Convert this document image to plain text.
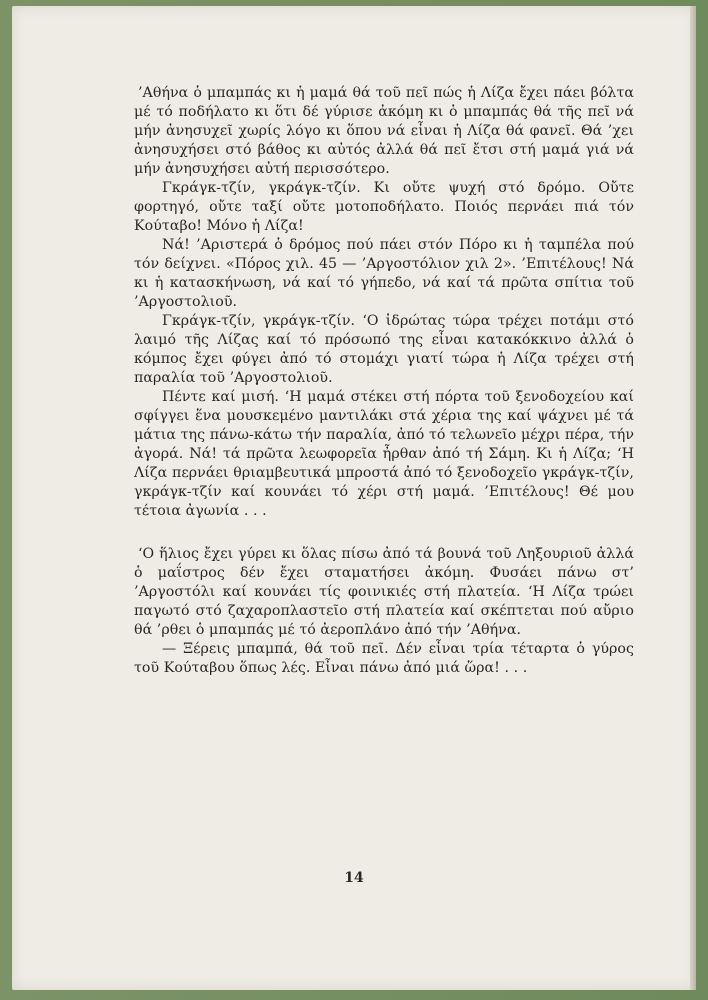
’Αθήνα ὁ μπαμπάς κι ἡ μαμά θά τοῦ πεῖ πώς ἡ Λίζα ἔχει πάει βόλτα μέ τό ποδήλατο κι ὅτι δέ γύρισε ἀκόμη κι ὁ μπαμπάς θά τῆς πεῖ νά μήν ἀνησυχεῖ χωρίς λόγο κι ὅπου νά εἶναι ἡ Λίζα θά φανεῖ. Θά ’χει ἀνησυχήσει στό βάθος κι αὐτός ἀλλά θά πεῖ ἔτσι στή μαμά γιά νά μήν ἀνησυχήσει αὐτή περισσότερο.

Γκράγκ-τζίν, γκράγκ-τζίν. Κι οὔτε ψυχή στό δρόμο. Οὔτε φορτηγό, οὔτε ταξί οὔτε μοτοποδήλατο. Ποιός περνάει πιά τόν Κούταβο! Μόνο ἡ Λίζα!

Νά! ’Αριστερά ὁ δρόμος πού πάει στόν Πόρο κι ἡ ταμπέλα πού τόν δείχνει. «Πόρος χιλ. 45 — ’Αργοστόλιον χιλ 2». ’Επιτέλους! Νά κι ἡ κατασκήνωση, νά καί τό γήπεδο, νά καί τά πρῶτα σπίτια τοῦ ’Αργοστολιοῦ.

Γκράγκ-τζίν, γκράγκ-τζίν. ‘Ο ἱδρώτας τώρα τρέχει ποτάμι στό λαιμό τῆς Λίζας καί τό πρόσωπό της εἶναι κατακόκκινο ἀλλά ὁ κόμπος ἔχει φύγει ἀπό τό στομάχι γιατί τώρα ἡ Λίζα τρέχει στή παραλία τοῦ ’Αργοστολιοῦ.

Πέντε καί μισή. ‘Η μαμά στέκει στή πόρτα τοῦ ξενοδοχείου καί σφίγγει ἕνα μουσκεμένο μαντιλάκι στά χέρια της καί ψάχνει μέ τά μάτια της πάνω-κάτω τήν παραλία, ἀπό τό τελωνεῖο μέχρι πέρα, τήν ἀγορά. Νά! τά πρῶτα λεωφορεῖα ἦρθαν ἀπό τή Σάμη. Κι ἡ Λίζα; ‘Η Λίζα περνάει θριαμβευτικά μπροστά ἀπό τό ξενοδοχεῖο γκράγκ-τζίν, γκράγκ-τζίν καί κουνάει τό χέρι στή μαμά. ’Επιτέλους! Θέ μου τέτοια ἀγωνία . . .

‘Ο ἥλιος ἔχει γύρει κι ὅλας πίσω ἀπό τά βουνά τοῦ Ληξουριοῦ ἀλλά ὁ μαΐστρος δέν ἔχει σταματήσει ἀκόμη. Φυσάει πάνω στ’ ’Αργοστόλι καί κουνάει τίς φοινικιές στή πλατεία. ‘Η Λίζα τρώει παγωτό στό ζαχαροπλαστεῖο στή πλατεία καί σκέπτεται πού αὔριο θά ’ρθει ὁ μπαμπάς μέ τό ἀεροπλάνο ἀπό τήν ’Αθήνα.

— Ξέρεις μπαμπά, θά τοῦ πεῖ. Δέν εἶναι τρία τέταρτα ὁ γύρος τοῦ Κούταβου ὅπως λές. Εἶναι πάνω ἀπό μιά ὥρα! . . .

14
